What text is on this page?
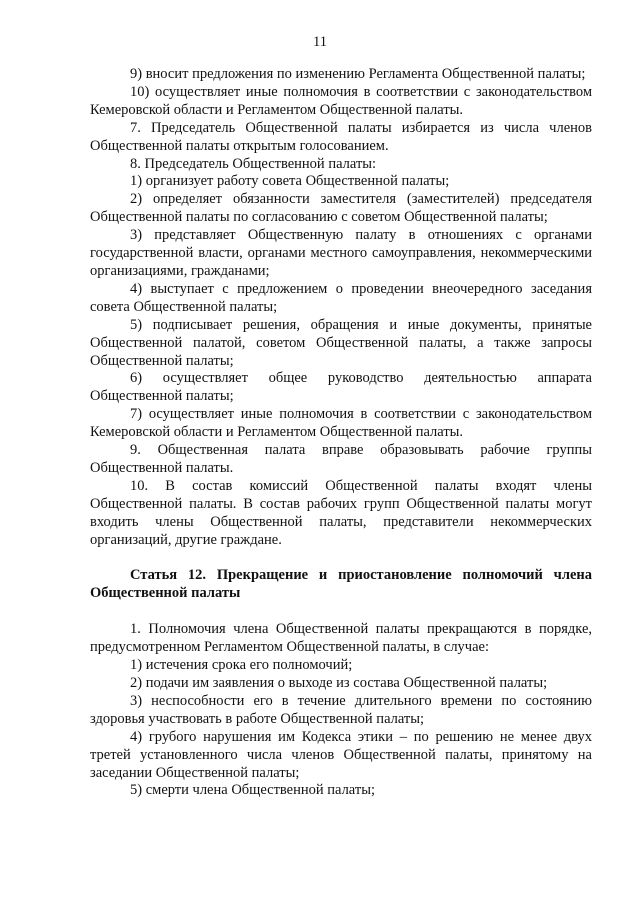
11

9) вносит предложения по изменению Регламента Общественной палаты;

10) осуществляет иные полномочия в соответствии с законодательством Кемеровской области и Регламентом Общественной палаты.

7. Председатель Общественной палаты избирается из числа членов Общественной палаты открытым голосованием.

8. Председатель Общественной палаты:

1) организует работу совета Общественной палаты;

2) определяет обязанности заместителя (заместителей) председателя Общественной палаты по согласованию с советом Общественной палаты;

3) представляет Общественную палату в отношениях с органами государственной власти, органами местного самоуправления, некоммерческими организациями, гражданами;

4) выступает с предложением о проведении внеочередного заседания совета Общественной палаты;

5) подписывает решения, обращения и иные документы, принятые Общественной палатой, советом Общественной палаты, а также запросы Общественной палаты;

6) осуществляет общее руководство деятельностью аппарата Общественной палаты;

7) осуществляет иные полномочия в соответствии с законодательством Кемеровской области и Регламентом Общественной палаты.

9. Общественная палата вправе образовывать рабочие группы Общественной палаты.

10. В состав комиссий Общественной палаты входят члены Общественной палаты. В состав рабочих групп Общественной палаты могут входить члены Общественной палаты, представители некоммерческих организаций, другие граждане.

Статья 12. Прекращение и приостановление полномочий члена Общественной палаты

1. Полномочия члена Общественной палаты прекращаются в порядке, предусмотренном Регламентом Общественной палаты, в случае:

1) истечения срока его полномочий;

2) подачи им заявления о выходе из состава Общественной палаты;

3) неспособности его в течение длительного времени по состоянию здоровья участвовать в работе Общественной палаты;

4) грубого нарушения им Кодекса этики – по решению не менее двух третей установленного числа членов Общественной палаты, принятому на заседании Общественной палаты;

5) смерти члена Общественной палаты;
